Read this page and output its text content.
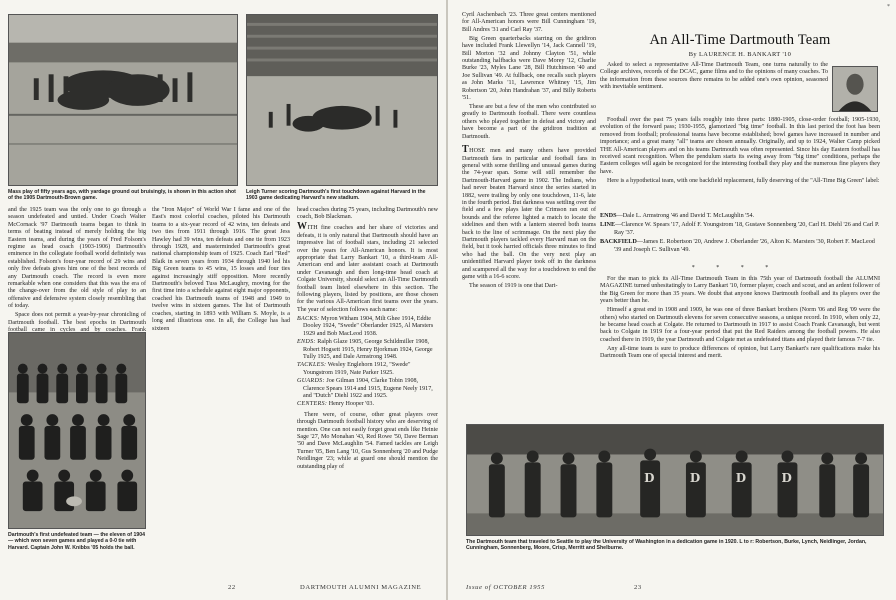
Mass play of fifty years ago, with yardage ground out bruisingly, is shown in this action shot of the 1905 Dartmouth-Brown game.
Leigh Turner scoring Dartmouth's first touchdown against Harvard in the 1903 game dedicating Harvard's new stadium.

and the 1925 team was the only one to go through a season undefeated and untied. Under Coach Walter McCornack '97 Dartmouth teams began to think in terms of beating instead of merely holding the big Eastern teams, and during the years of Fred Folsom's regime as head coach (1903-1906) Dartmouth's eminence in the collegiate football world definitely was established. Folsom's four-year record of 29 wins and only five defeats gives him one of the best records of any Dartmouth coach. The record is even more remarkable when one considers that this was the era of the change-over from the old style of play to an offensive and defensive system closely resembling that of today.

Space does not permit a year-by-year chronicling of Dartmouth football. The best epochs in Dartmouth football came in cycles and by coaches. Frank

the "Iron Major" of World War I fame and one of the East's most colorful coaches, piloted his Dartmouth teams to a six-year record of 42 wins, ten defeats and two ties from 1911 through 1916. The great Jess Hawley had 39 wins, ten defeats and one tie from 1923 through 1928, and masterminded Dartmouth's great national championship team of 1925. Coach Earl "Red" Blaik in seven years from 1934 through 1940 led his Big Green teams to 45 wins, 15 losses and four ties against increasingly stiff opposition. More recently Dartmouth's beloved Tuss McLaughry, moving for the first time into a schedule against eight major opponents, coached his Dartmouth teams of 1948 and 1949 to twelve wins in sixteen games. The list of Dartmouth coaches, starting in 1893 with William S. Moyle, is a long and illustrious one. In all, the College has had sixteen

head coaches during 75 years, including Dartmouth's new coach, Bob Blackman.

WITH fine coaches and her share of victories and defeats, it is only natural that Dartmouth should have an impressive list of football stars, including 21 selected over the years for All-American honors. It is most appropriate that Larry Bankart '10, a third-team All-American end and later assistant coach at Dartmouth under Cavanaugh and then long-time head coach at Colgate University, should select an All-Time Dartmouth football team listed elsewhere in this section. The following players, listed by positions, are those chosen for the various All-American first teams over the years. The year of selection follows each name:

BACKS: Myron Witham 1904, Milt Ghee 1914, Eddie Dooley 1924, "Swede" Oberlander 1925, Al Marsters 1929 and Bob MacLeod 1938.
ENDS: Ralph Glaze 1905, George Schildmiller 1908, Robert Hogsett 1915, Henry Bjorkman 1924, George Tully 1925, and Dale Armstrong 1948.
TACKLES: Wesley Englehorn 1912, "Swede" Youngstrom 1919, Nate Parker 1925.
GUARDS: Joe Gilman 1904, Clarke Tobin 1908, Clarence Spears 1914 and 1915, Eugene Neely 1917, and "Dutch" Diehl 1922 and 1925.
CENTERS: Henry Hooper '03.

There were, of course, other great players over through Dartmouth football history who are deserving of mention. One can not easily forget great ends like Heinie Sage '27, Mo Monahan '43, Red Rowe '50, Dave Berman '50 and Dave McLaughlin '54. Famed tackles are Leigh Turner '05, Ben Lang '10, Gus Sonnenberg '20 and Pudge Neidlinger '23; while at guard one should mention the outstanding play of

Dartmouth's first undefeated team — the eleven of 1904 — which won seven games and played a 0-0 tie with Harvard. Captain John W. Knibbs '05 holds the ball.
22	DARTMOUTH ALUMNI MAGAZINE
*

Cyril Aschenbach '23. Three great centers mentioned for All-American honors were Bill Cunningham '19, Bill Andres '31 and Carl Ray '37.

Big Green quarterbacks starring on the gridiron have included Frank Llewellyn '14, Jack Cannell '19, Bill Morton '32 and Johnny Clayton '51, while outstanding halfbacks were Dave Morey '12, Charlie Burke '23, Myles Lane '28, Bill Hutchinson '40 and Joe Sullivan '49. At fullback, one recalls such players as John Marks '11, Lawrence Whitney '15, Jim Robertson '20, John Handrahan '37, and Billy Roberts '51.

These are but a few of the men who contributed so greatly to Dartmouth football. There were countless others who played together in defeat and victory and have become a part of the gridiron tradition at Dartmouth.

THOSE men and many others have provided Dartmouth fans in particular and football fans in general with some thrilling and unusual games during the 74-year span. Some will still remember the Dartmouth-Harvard game in 1902. The Indians, who had never beaten Harvard since the series started in 1882, were trailing by only one touchdown, 11-6, late in the fourth period. But darkness was settling over the field and a few plays later the Crimson ran out of bounds and the referee lighted a match to locate the sidelines and then with a lantern steered both teams back to the line of scrimmage. On the next play the Dartmouth players tackled every Harvard man on the field, but it took harried officials three minutes to find who had the ball. On the very next play an unidentified Harvard player took off in the darkness and scampered all the way for a touchdown to end the game with a 16-6 score.

The season of 1919 is one that Dart-

An All-Time Dartmouth Team
By LAURENCE H. BANKART '10

Asked to select a representative All-Time Dartmouth Team, one turns naturally to the College archives, records of the DCAC, game films and to the opinions of many coaches. To the information from these sources there remains to be added one's own opinion, seasoned with inevitable sentiment.

Football over the past 75 years falls roughly into three parts: 1880-1905, close-order football; 1905-1930, evolution of the forward pass; 1930-1955, glamorized "big time" football. In this last period the foot has been removed from football; professional teams have become established; bowl games have increased in number and importance; and a great many "all" teams are chosen annually. Originally, and up to 1924, Walter Camp picked THE All-American players and on his teams Dartmouth was often represented. Since his day Eastern football has received scant recognition. When the pendulum starts its swing away from "big time" conditions, perhaps the Eastern colleges will again be recognized for the interesting football they play and the numerous fine players they have.

Here is a hypothetical team, with one backfield replacement, fully deserving of the "All-Time Big Green" label:

ENDS—Dale L. Armstrong '46 and David T. McLaughlin '54.
LINE—Clarence W. Spears '17, Adolf F. Youngstrom '18, Gustave Sonnenberg '20, Carl H. Diehl '26 and Carl P. Ray '37.
BACKFIELD—James E. Robertson '20, Andrew J. Oberlander '26, Alton K. Marsters '30, Robert F. MacLeod '39 and Joseph C. Sullivan '49.
* * * *

For the man to pick its All-Time Dartmouth Team in this 75th year of Dartmouth football the ALUMNI MAGAZINE turned unhesitatingly to Larry Bankart '10, former player, coach and scout, and an ardent follower of the Big Green for more than 35 years. We doubt that anyone knows Dartmouth football and its players over the years better than he.

Himself a great end in 1908 and 1909, he was one of three Bankart brothers (Norm '06 and Reg '09 were the others) who started on Dartmouth elevens for seven consecutive seasons, a unique record. In 1910, when only 22, he became head coach at Colgate. He returned to Dartmouth in 1917 to assist Coach Frank Cavanaugh, but went back to Colgate in 1919 for a four-year period that put the Red Raiders among the football powers. He also coached there in 1919, the year Dartmouth and Colgate met as undefeated titans and played their famous 7-7 tie.

Any all-time team is sure to produce differences of opinion, but Larry Bankart's rare qualifications make his Dartmouth Team one of special interest and merit.

D	D	D	D
The Dartmouth team that traveled to Seattle to play the University of Washington in a dedication game in 1920. L to r: Robertson, Burke, Lynch, Neidlinger, Jordan, Cunningham, Sonnenberg, Moore, Crisp, Merritt and Shelburne.
Issue of OCTOBER 1955	23
